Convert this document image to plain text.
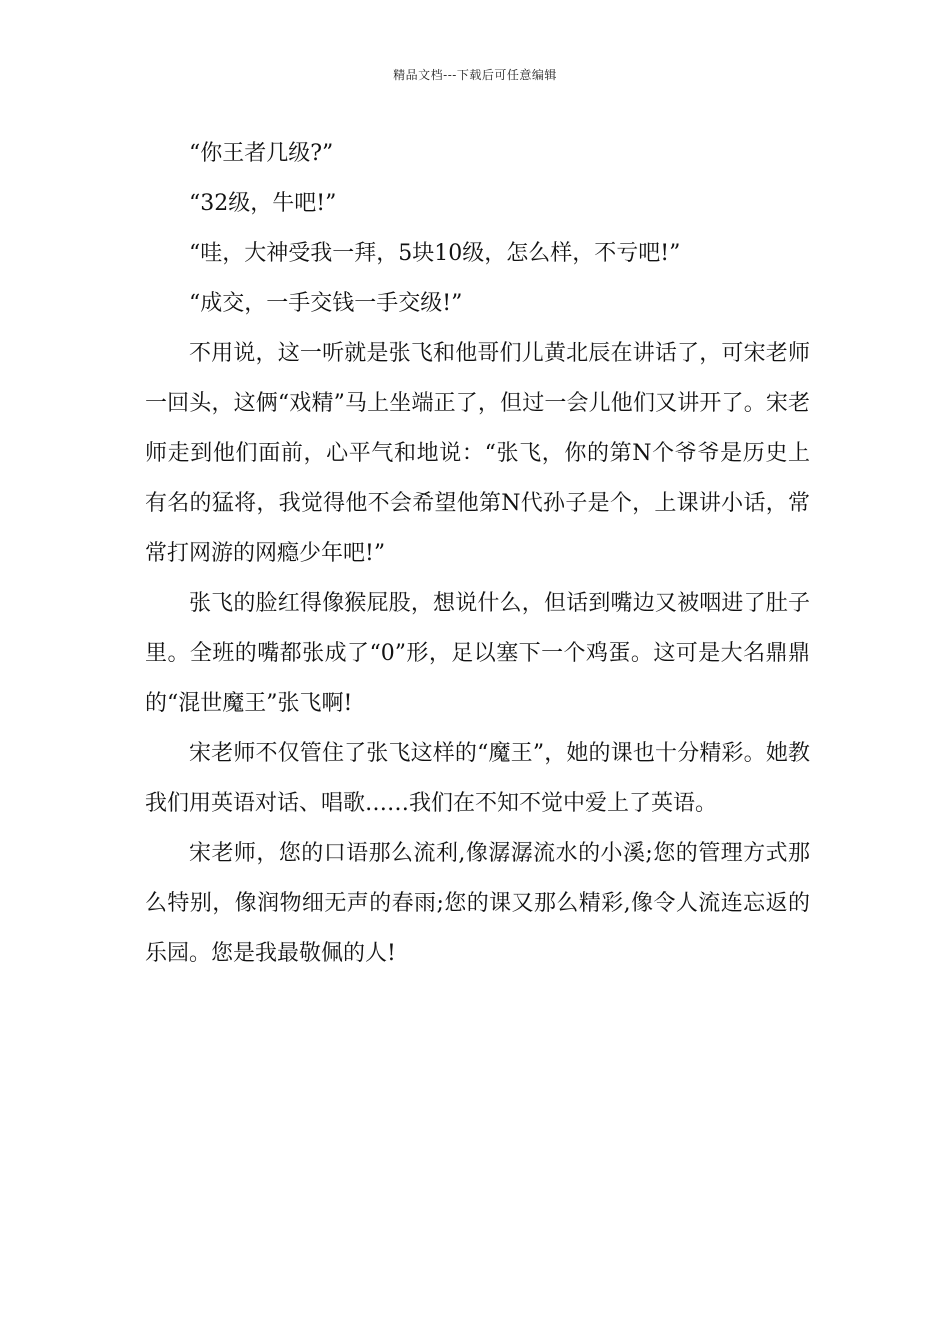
精品文档---下载后可任意编辑

“你王者几级?”

“32级，牛吧!”

“哇，大神受我一拜，5块10级，怎么样，不亏吧!”

“成交，一手交钱一手交级!”

不用说，这一听就是张飞和他哥们儿黄北辰在讲话了，可宋老师一回头，这俩“戏精”马上坐端正了，但过一会儿他们又讲开了。宋老师走到他们面前，心平气和地说：“张飞，你的第N个爷爷是历史上有名的猛将，我觉得他不会希望他第N代孙子是个，上课讲小话，常常打网游的网瘾少年吧!”

张飞的脸红得像猴屁股，想说什么，但话到嘴边又被咽进了肚子里。全班的嘴都张成了“0”形，足以塞下一个鸡蛋。这可是大名鼎鼎的“混世魔王”张飞啊!

宋老师不仅管住了张飞这样的“魔王”，她的课也十分精彩。她教我们用英语对话、唱歌……我们在不知不觉中爱上了英语。

宋老师，您的口语那么流利,像潺潺流水的小溪;您的管理方式那么特别，像润物细无声的春雨;您的课又那么精彩,像令人流连忘返的乐园。您是我最敬佩的人!
